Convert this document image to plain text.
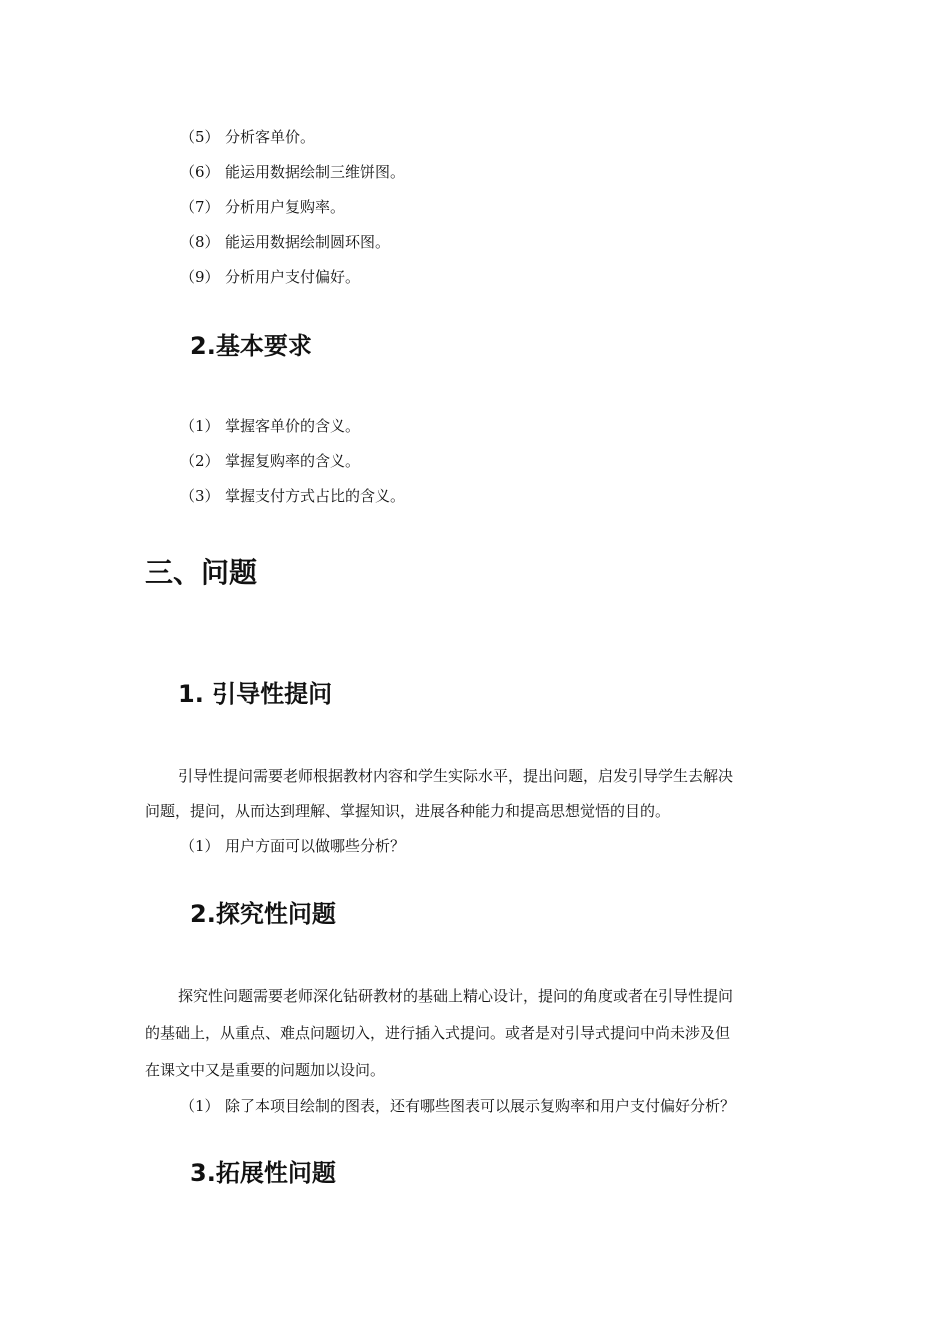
（5） 分析客单价。
（6） 能运用数据绘制三维饼图。
（7） 分析用户复购率。
（8） 能运用数据绘制圆环图。
（9） 分析用户支付偏好。
2.基本要求
（1） 掌握客单价的含义。
（2） 掌握复购率的含义。
（3） 掌握支付方式占比的含义。
三、问题
1. 引导性提问
引导性提问需要老师根据教材内容和学生实际水平，提出问题，启发引导学生去解决
问题，提问，从而达到理解、掌握知识，进展各种能力和提高思想觉悟的目的。
（1） 用户方面可以做哪些分析？
2.探究性问题
探究性问题需要老师深化钻研教材的基础上精心设计，提问的角度或者在引导性提问
的基础上，从重点、难点问题切入，进行插入式提问。或者是对引导式提问中尚未涉及但
在课文中又是重要的问题加以设问。
（1） 除了本项目绘制的图表，还有哪些图表可以展示复购率和用户支付偏好分析？
3.拓展性问题
